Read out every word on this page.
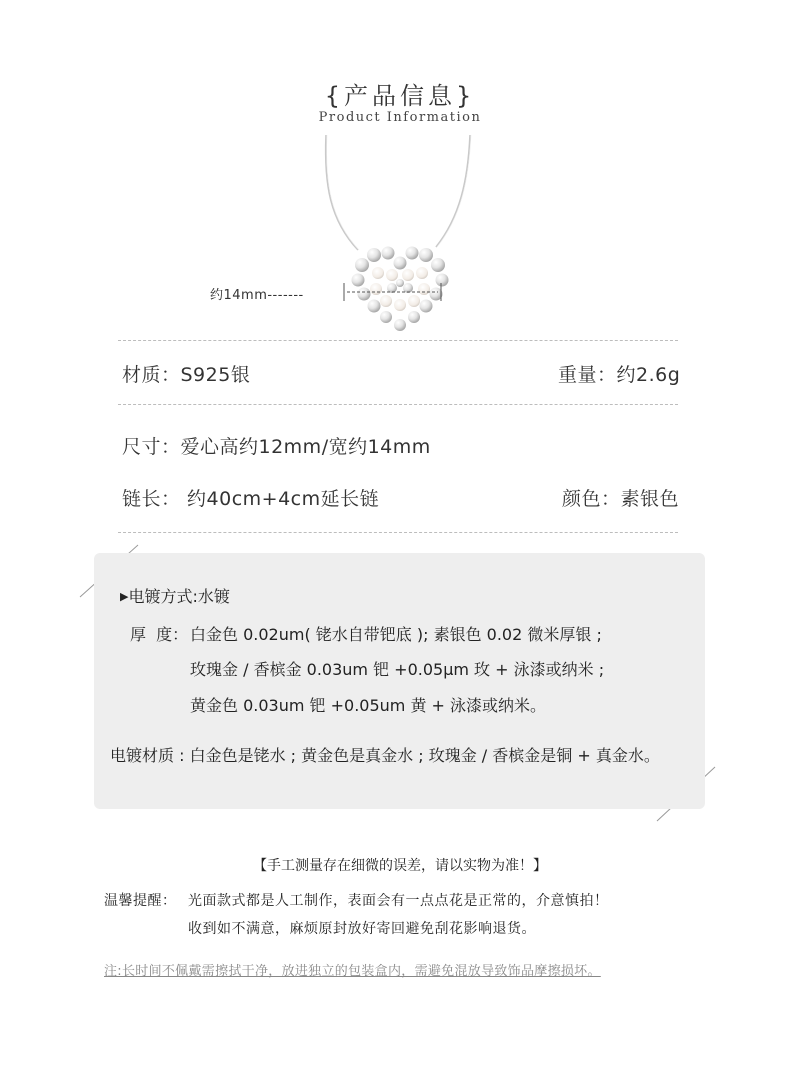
{产品信息}
Product Information
约14mm-------
材质：S925银	重量：约2.6g
尺寸：爱心高约12mm/宽约14mm
链长： 约40cm+4cm延长链	颜色：素银色
▶电镀方式:水镀
厚  度： 白金色 0.02um( 铑水自带钯底 ); 素银色 0.02 微米厚银 ;
玫瑰金 / 香槟金 0.03um 钯 +0.05μm 玫 + 泳漆或纳米 ;
黄金色 0.03um 钯 +0.05um 黄 + 泳漆或纳米。
电镀材质 : 白金色是铑水 ; 黄金色是真金水 ; 玫瑰金 / 香槟金是铜 + 真金水。
【手工测量存在细微的误差，请以实物为准！】
温馨提醒： 光面款式都是人工制作，表面会有一点点花是正常的，介意慎拍！
收到如不满意，麻烦原封放好寄回避免刮花影响退货。
注:长时间不佩戴需擦拭干净，放进独立的包装盒内，需避免混放导致饰品摩擦损坏。
